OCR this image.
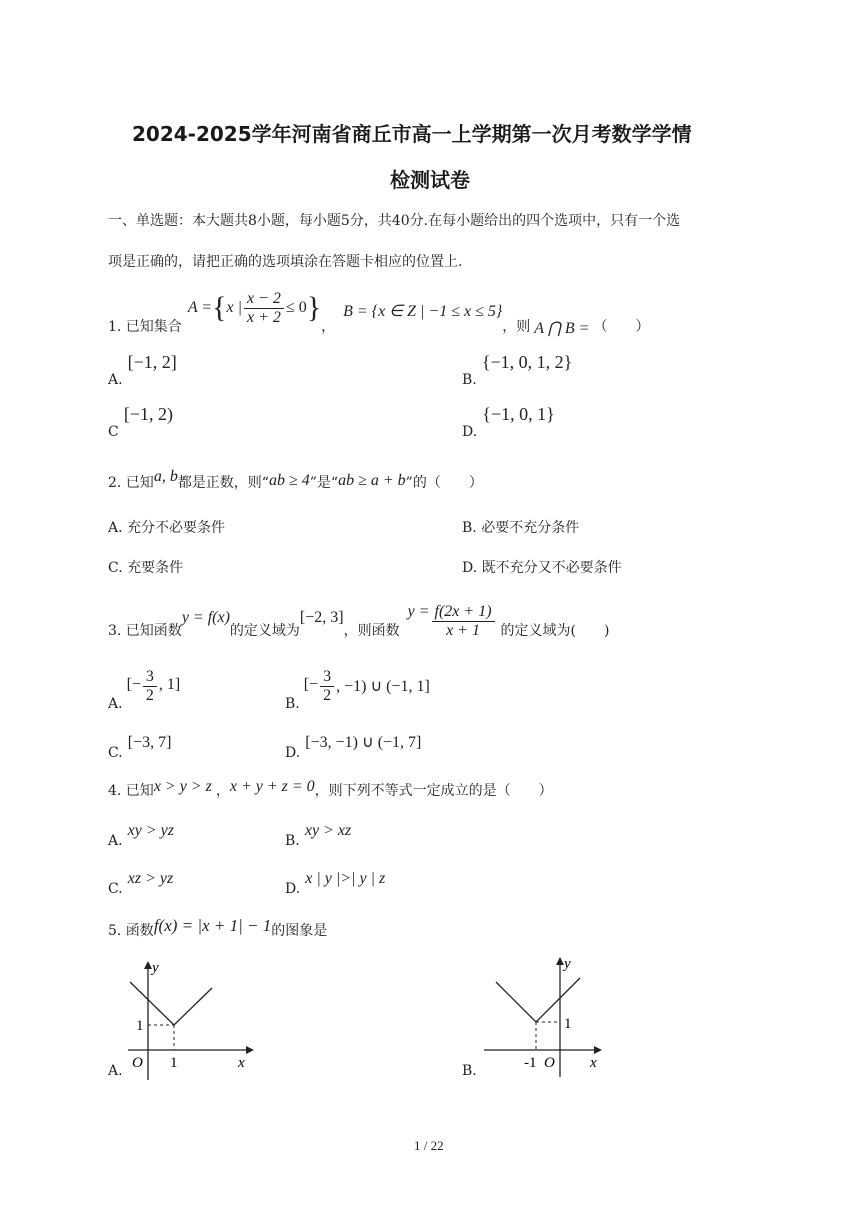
2024-2025学年河南省商丘市高一上学期第一次月考数学学情
检测试卷
一、单选题：本大题共8小题，每小题5分，共40分.在每小题给出的四个选项中，只有一个选
项是正确的，请把正确的选项填涂在答题卡相应的位置上.
1. 已知集合
A = { x | $\frac{x - 2}{x + 2} \le 0$ }
，
B = {x ∈ Z | −1 ≤ x ≤ 5}
，则 A ⋂ B = （　　）
A. [−1, 2]
B. {−1, 0, 1, 2}
C [−1, 2)
D. {−1, 0, 1}
2. 已知 a, b 都是正数，则“ ab ≥ 4 ”是“ ab ≥ a + b ”的（　　）
A. 充分不必要条件	B. 必要不充分条件
C. 充要条件	D. 既不充分又不必要条件
3. 已知函数
y = f(x)
的定义域为
[−2, 3]
，则函数
$y = \frac{f(2x + 1)}{x + 1}$ 的定义域为(　　)
A.
[− $\frac{3}{2}$ , 1]
B.
[− $\frac{3}{2}$ , −1) ∪ (−1, 1]
C. [−3, 7]
D. [−3, −1) ∪ (−1, 7]
4. 已知 x > y > z ， x + y + z = 0 ，则下列不等式一定成立的是（　　）
A. xy > yz
B. xy > xz
C. xz > yz
D. x | y |>| y | z
5. 函数 f(x) = |x + 1| − 1 的图象是
A.
y
x
O 1
1
B.
y
x
O
-1
1
1 / 22
